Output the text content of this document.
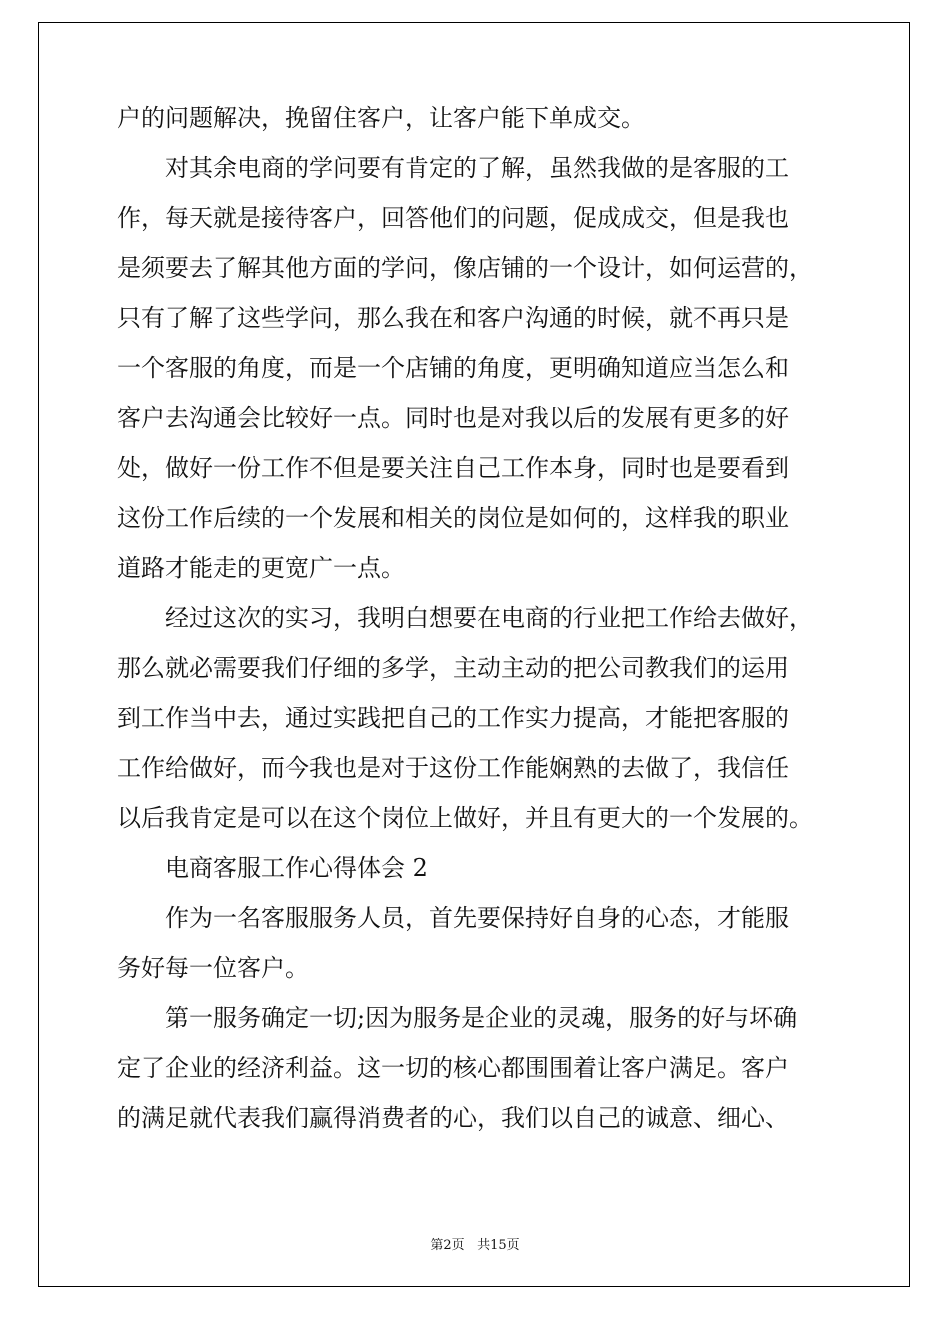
户的问题解决，挽留住客户，让客户能下单成交。

对其余电商的学问要有肯定的了解，虽然我做的是客服的工
作，每天就是接待客户，回答他们的问题，促成成交，但是我也
是须要去了解其他方面的学问，像店铺的一个设计，如何运营的，
只有了解了这些学问，那么我在和客户沟通的时候，就不再只是
一个客服的角度，而是一个店铺的角度，更明确知道应当怎么和
客户去沟通会比较好一点。同时也是对我以后的发展有更多的好
处，做好一份工作不但是要关注自己工作本身，同时也是要看到
这份工作后续的一个发展和相关的岗位是如何的，这样我的职业
道路才能走的更宽广一点。

经过这次的实习，我明白想要在电商的行业把工作给去做好，
那么就必需要我们仔细的多学，主动主动的把公司教我们的运用
到工作当中去，通过实践把自己的工作实力提高，才能把客服的
工作给做好，而今我也是对于这份工作能娴熟的去做了，我信任
以后我肯定是可以在这个岗位上做好，并且有更大的一个发展的。

电商客服工作心得体会 2

作为一名客服服务人员，首先要保持好自身的心态，才能服
务好每一位客户。

第一服务确定一切;因为服务是企业的灵魂，服务的好与坏确
定了企业的经济利益。这一切的核心都围围着让客户满足。客户
的满足就代表我们赢得消费者的心，我们以自己的诚意、细心、

第2页 共15页
